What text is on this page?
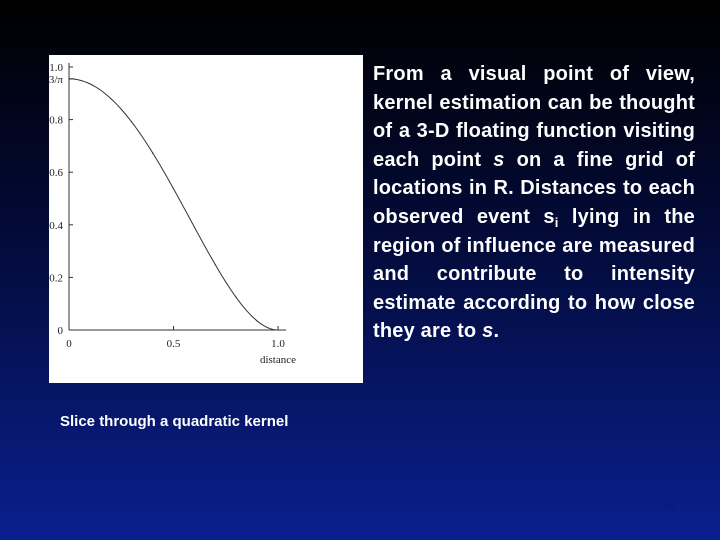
0
0.2
0.4
0.6
0.8
1.0
3/π
0	0.5	1.0
distance
From a visual point of view, kernel estimation can be thought of a 3-D floating function visiting each point s on a fine grid of locations in R. Distances to each observed event $s_i$ lying in the region of influence are measured and contribute to intensity estimate according to how close they are to s.
Slice through a quadratic kernel
33
